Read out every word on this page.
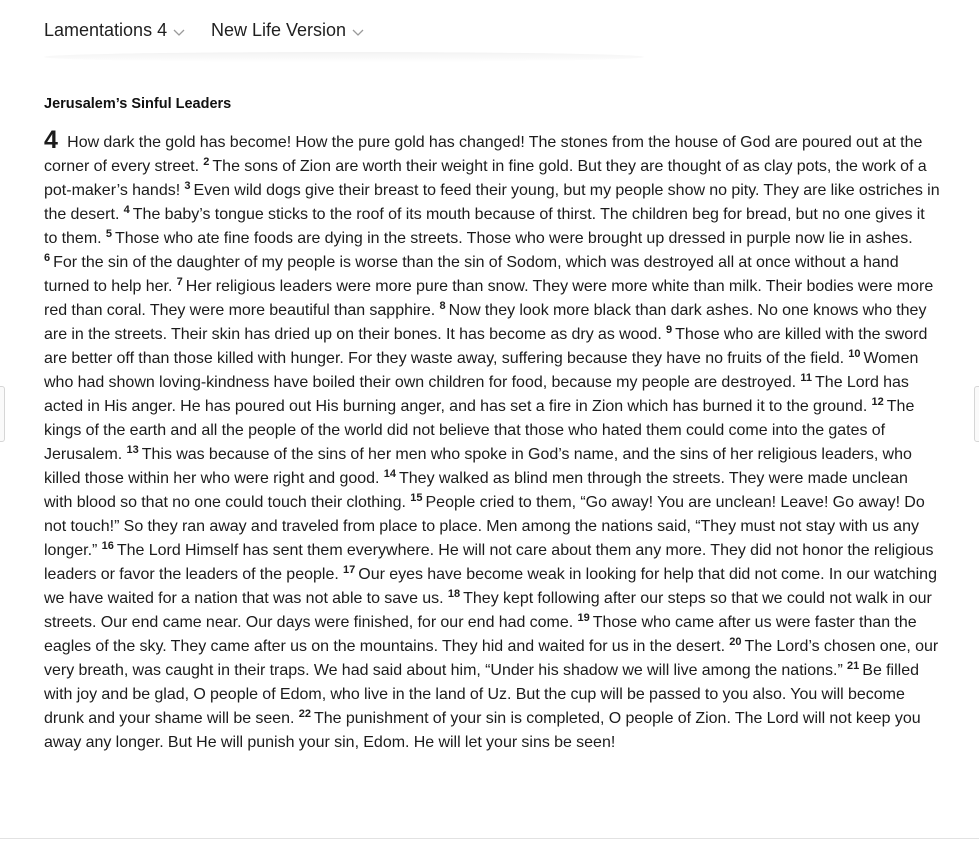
Lamentations 4 New Life Version
Jerusalem’s Sinful Leaders

4 How dark the gold has become! How the pure gold has changed! The stones from the house of God are poured out at the corner of every street. $^2$ The sons of Zion are worth their weight in fine gold. But they are thought of as clay pots, the work of a pot-maker’s hands! $^3$ Even wild dogs give their breast to feed their young, but my people show no pity. They are like ostriches in the desert. $^4$ The baby’s tongue sticks to the roof of its mouth because of thirst. The children beg for bread, but no one gives it to them. $^5$ Those who ate fine foods are dying in the streets. Those who were brought up dressed in purple now lie in ashes. $^6$ For the sin of the daughter of my people is worse than the sin of Sodom, which was destroyed all at once without a hand turned to help her. $^7$ Her religious leaders were more pure than snow. They were more white than milk. Their bodies were more red than coral. They were more beautiful than sapphire. $^8$ Now they look more black than dark ashes. No one knows who they are in the streets. Their skin has dried up on their bones. It has become as dry as wood. $^9$ Those who are killed with the sword are better off than those killed with hunger. For they waste away, suffering because they have no fruits of the field. $^{10}$ Women who had shown loving-kindness have boiled their own children for food, because my people are destroyed. $^{11}$ The Lord has acted in His anger. He has poured out His burning anger, and has set a fire in Zion which has burned it to the ground. $^{12}$ The kings of the earth and all the people of the world did not believe that those who hated them could come into the gates of Jerusalem. $^{13}$ This was because of the sins of her men who spoke in God’s name, and the sins of her religious leaders, who killed those within her who were right and good. $^{14}$ They walked as blind men through the streets. They were made unclean with blood so that no one could touch their clothing. $^{15}$ People cried to them, “Go away! You are unclean! Leave! Go away! Do not touch!” So they ran away and traveled from place to place. Men among the nations said, “They must not stay with us any longer.” $^{16}$ The Lord Himself has sent them everywhere. He will not care about them any more. They did not honor the religious leaders or favor the leaders of the people. $^{17}$ Our eyes have become weak in looking for help that did not come. In our watching we have waited for a nation that was not able to save us. $^{18}$ They kept following after our steps so that we could not walk in our streets. Our end came near. Our days were finished, for our end had come. $^{19}$ Those who came after us were faster than the eagles of the sky. They came after us on the mountains. They hid and waited for us in the desert. $^{20}$ The Lord’s chosen one, our very breath, was caught in their traps. We had said about him, “Under his shadow we will live among the nations.” $^{21}$ Be filled with joy and be glad, O people of Edom, who live in the land of Uz. But the cup will be passed to you also. You will become drunk and your shame will be seen. $^{22}$ The punishment of your sin is completed, O people of Zion. The Lord will not keep you away any longer. But He will punish your sin, Edom. He will let your sins be seen!
